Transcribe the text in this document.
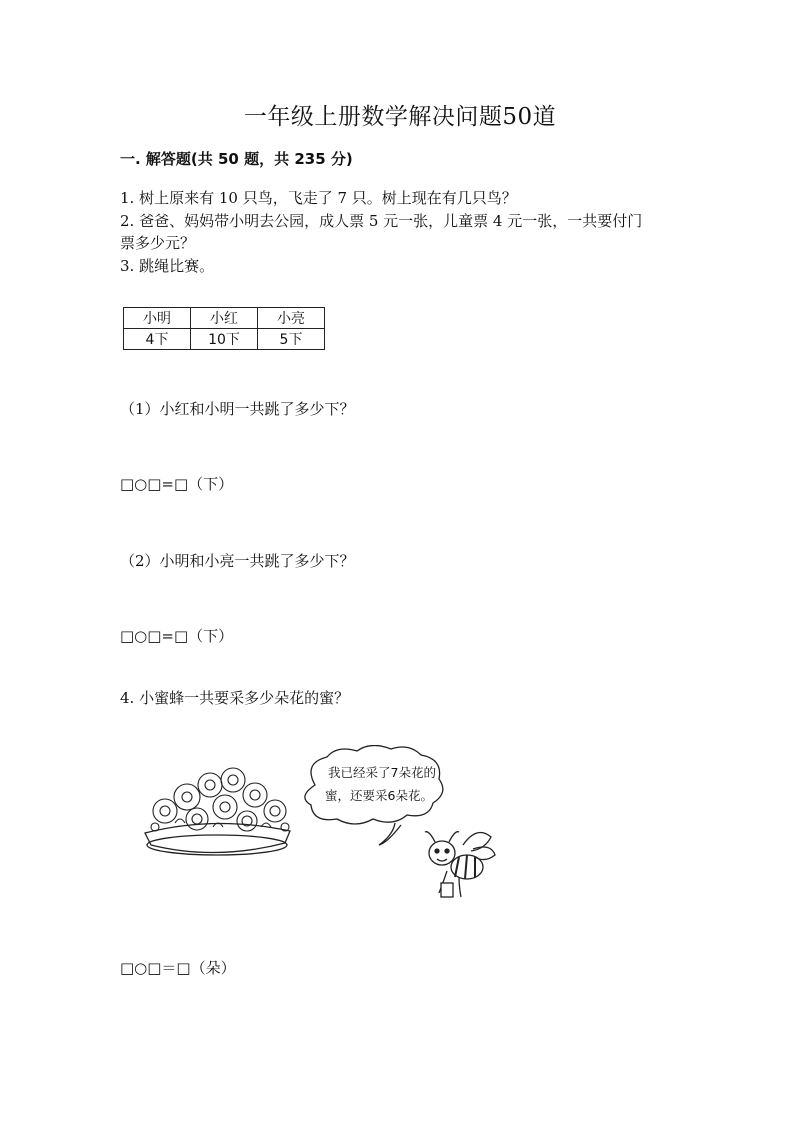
一年级上册数学解决问题50道
一. 解答题(共 50 题，共 235 分)
1. 树上原来有 10 只鸟，飞走了 7 只。树上现在有几只鸟？
2. 爸爸、妈妈带小明去公园，成人票 5 元一张，儿童票 4 元一张，一共要付门
票多少元？
3. 跳绳比赛。
小明	小红	小亮
4下	10下	5下
（1）小红和小明一共跳了多少下？
□○□=□（下）
（2）小明和小亮一共跳了多少下？
□○□=□（下）
4. 小蜜蜂一共要采多少朵花的蜜？
我已经采了7朵花的
蜜，还要采6朵花。
□○□＝□（朵）
